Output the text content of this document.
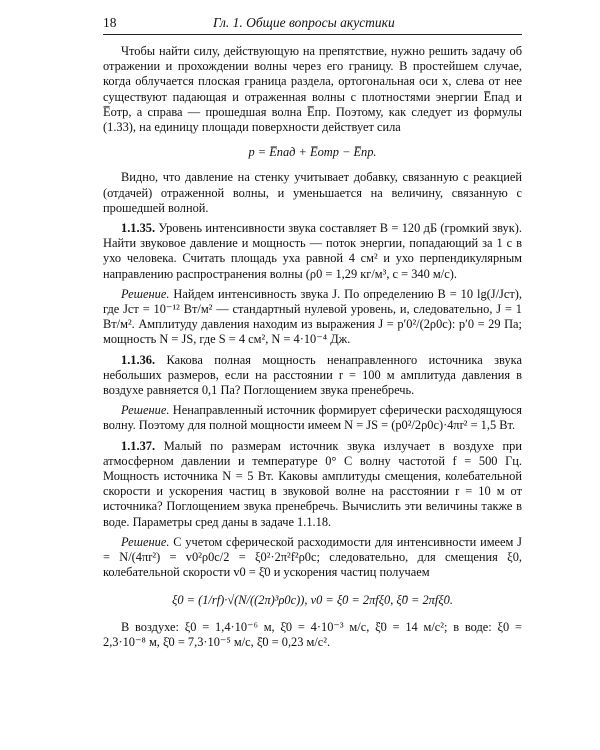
18	Гл. 1. Общие вопросы акустики

Чтобы найти силу, действующую на препятствие, нужно решить задачу об отражении и прохождении волны через его границу. В простейшем случае, когда облучается плоская граница раздела, ортогональная оси x, слева от нее существуют падающая и отраженная волны с плотностями энергии E̅пад и E̅отр, а справа — прошедшая волна E̅пр. Поэтому, как следует из формулы (1.33), на единицу площади поверхности действует сила

p = E̅пад + E̅отр − E̅пр.

Видно, что давление на стенку учитывает добавку, связанную с реакцией (отдачей) отраженной волны, и уменьшается на величину, связанную с прошедшей волной.

1.1.35. Уровень интенсивности звука составляет B = 120 дБ (громкий звук). Найти звуковое давление и мощность — поток энергии, попадающий за 1 с в ухо человека. Считать площадь уха равной 4 см² и ухо перпендикулярным направлению распространения волны (ρ0 = 1,29 кг/м³, c = 340 м/с).

Решение. Найдем интенсивность звука J. По определению B = 10 lg(J/Jст), где Jст = 10⁻¹² Вт/м² — стандартный нулевой уровень, и, следовательно, J = 1 Вт/м². Амплитуду давления находим из выражения J = p′0²/(2ρ0c): p′0 = 29 Па; мощность N = JS, где S = 4 см², N = 4·10⁻⁴ Дж.

1.1.36. Какова полная мощность ненаправленного источника звука небольших размеров, если на расстоянии r = 100 м амплитуда давления в воздухе равняется 0,1 Па? Поглощением звука пренебречь.

Решение. Ненаправленный источник формирует сферически расходящуюся волну. Поэтому для полной мощности имеем N = JS = (p0²/2ρ0c)·4πr² = 1,5 Вт.

1.1.37. Малый по размерам источник звука излучает в воздухе при атмосферном давлении и температуре 0° C волну частотой f = 500 Гц. Мощность источника N = 5 Вт. Каковы амплитуды смещения, колебательной скорости и ускорения частиц в звуковой волне на расстоянии r = 10 м от источника? Поглощением звука пренебречь. Вычислить эти величины также в воде. Параметры сред даны в задаче 1.1.18.

Решение. С учетом сферической расходимости для интенсивности имеем J = N/(4πr²) = v0²ρ0c/2 = ξ0²·2π²f²ρ0c; следовательно, для смещения ξ0, колебательной скорости v0 = ξ̇0 и ускорения частиц получаем

ξ0 = (1/rf)·√(N/((2π)³ρ0c)), v0 = ξ̇0 = 2πfξ0, ξ̈0 = 2πfξ̇0.

В воздухе: ξ0 = 1,4·10⁻⁶ м, ξ̇0 = 4·10⁻³ м/с, ξ̈0 = 14 м/с²; в воде: ξ0 = 2,3·10⁻⁸ м, ξ̇0 = 7,3·10⁻⁵ м/с, ξ̈0 = 0,23 м/с².
